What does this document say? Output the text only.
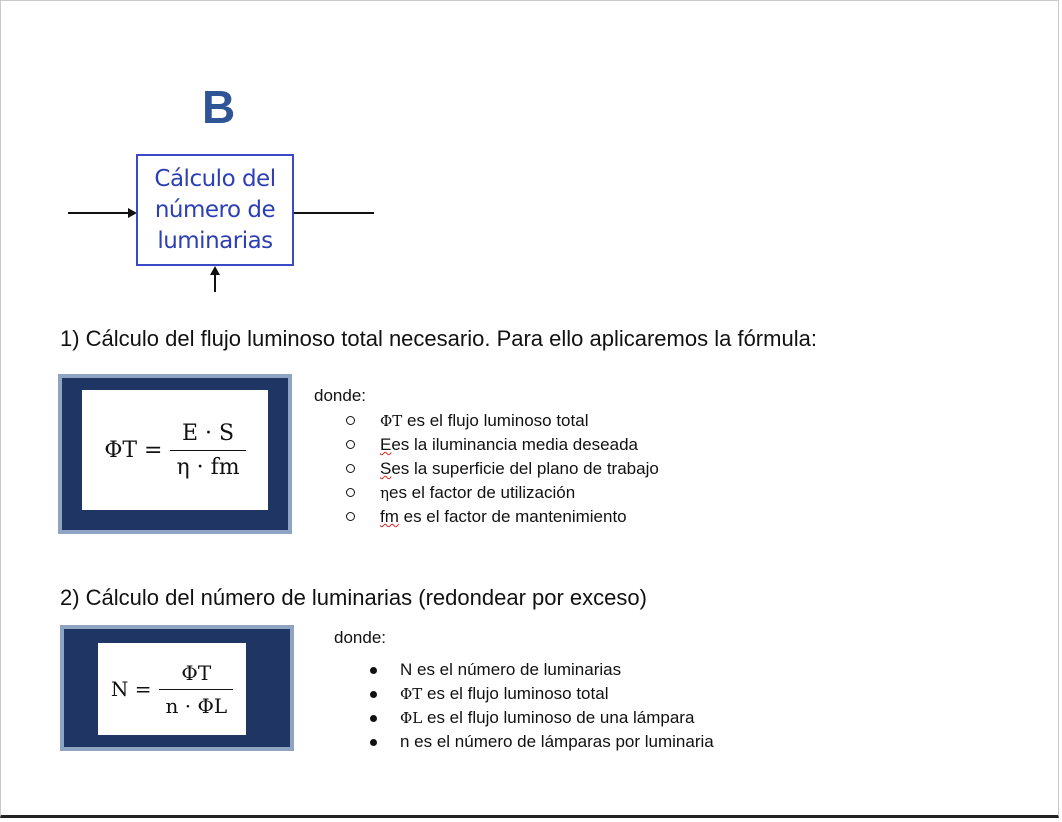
B
Cálculo del
número de
luminarias
1) Cálculo del flujo luminoso total necesario. Para ello aplicaremos la fórmula:
$\Phi T = \frac{E \cdot S}{\eta \cdot fm}$
donde:
ΦT es el flujo luminoso total
Ees la iluminancia media deseada
Ses la superficie del plano de trabajo
ηes el factor de utilización
fm es el factor de mantenimiento
2) Cálculo del número de luminarias (redondear por exceso)
$N = \frac{\Phi T}{n \cdot \Phi L}$
donde:
N es el número de luminarias
ΦT es el flujo luminoso total
ΦL es el flujo luminoso de una lámpara
n es el número de lámparas por luminaria
